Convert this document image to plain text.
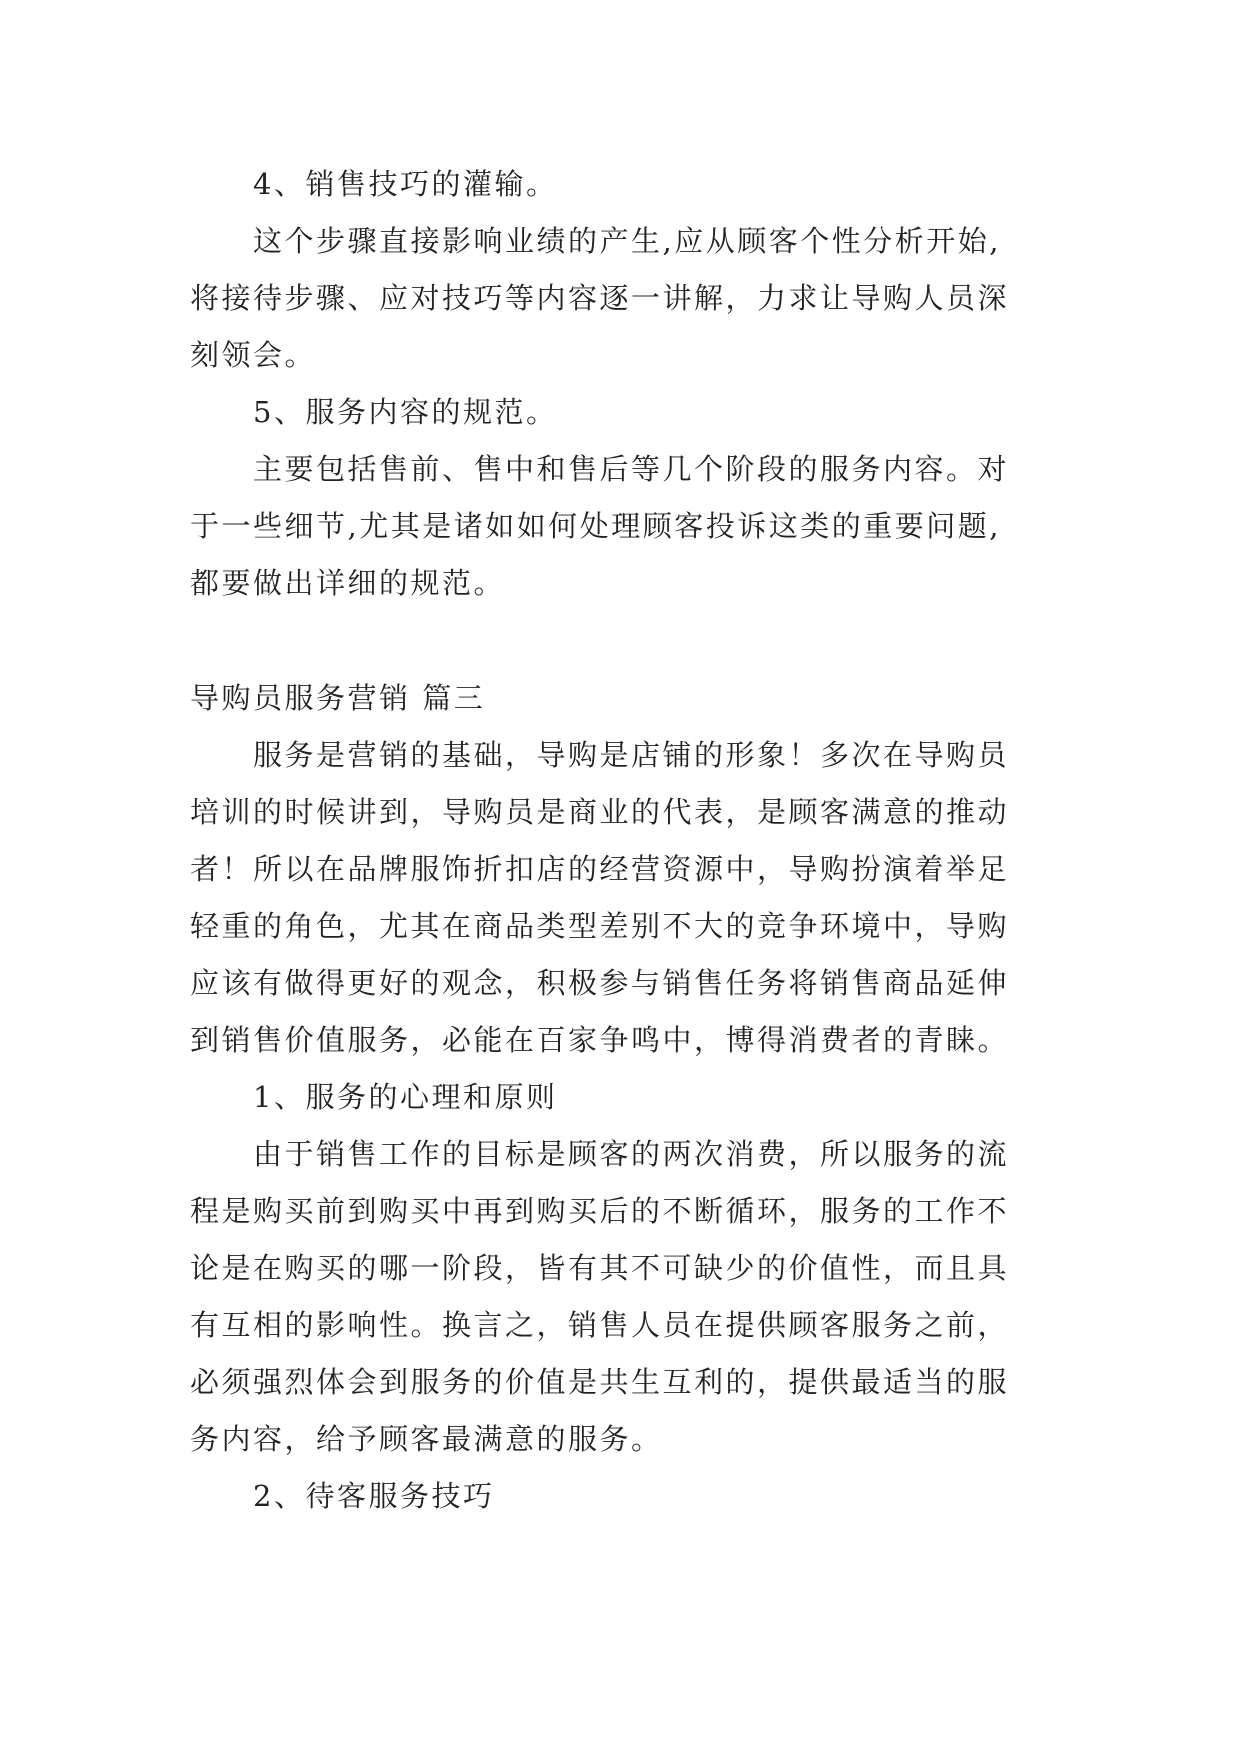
4、销售技巧的灌输。
这个步骤直接影响业绩的产生,应从顾客个性分析开始,
将接待步骤、应对技巧等内容逐一讲解，力求让导购人员深
刻领会。
5、服务内容的规范。
主要包括售前、售中和售后等几个阶段的服务内容。对
于一些细节,尤其是诸如如何处理顾客投诉这类的重要问题,
都要做出详细的规范。
导购员服务营销 篇三
服务是营销的基础，导购是店铺的形象！多次在导购员
培训的时候讲到，导购员是商业的代表，是顾客满意的推动
者！所以在品牌服饰折扣店的经营资源中，导购扮演着举足
轻重的角色，尤其在商品类型差别不大的竞争环境中，导购
应该有做得更好的观念，积极参与销售任务将销售商品延伸
到销售价值服务，必能在百家争鸣中，博得消费者的青睐。
1、服务的心理和原则
由于销售工作的目标是顾客的两次消费，所以服务的流
程是购买前到购买中再到购买后的不断循环，服务的工作不
论是在购买的哪一阶段，皆有其不可缺少的价值性，而且具
有互相的影响性。换言之，销售人员在提供顾客服务之前，
必须强烈体会到服务的价值是共生互利的，提供最适当的服
务内容，给予顾客最满意的服务。
2、待客服务技巧
